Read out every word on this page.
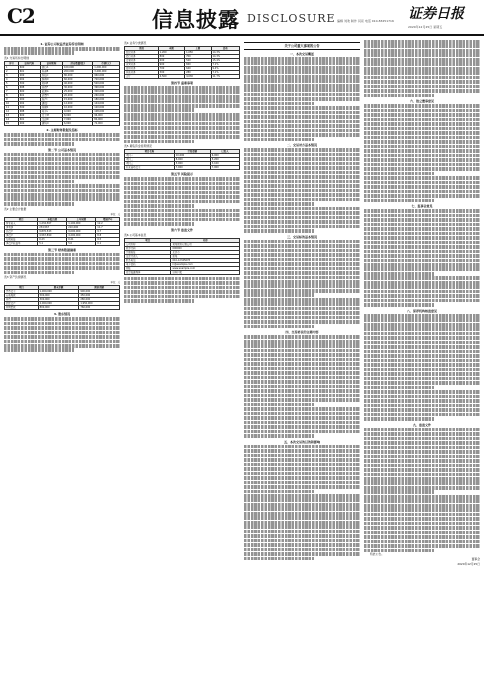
C2	信息披露 DISCLOSURE	证券日报
编辑 刘欢 制作 闫亮 电话 010-83251716
2020年12月25日 星期五
1. 证券公司权益类证券持仓明细
表1 交易所持仓明细
序号	证券代码	证券简称	持仓数量(股)	市值(元)
1	600	银行A	100,000	1,200,000
2	601	券商B	200,000	3,400,000
3	000	科技C	80,000	960,000
4	002	医药D	60,000	720,000
5	300	材料E	40,000	520,000
6	688	制造F	30,000	390,000
7	600	能源G	25,000	300,000
8	601	消费H	20,000	260,000
9	000	地产I	15,000	180,000
10	002	通信J	12,000	144,000
11	300	传媒K	10,000	120,000
12	688	电子L	9,000	108,000
13	600	化工M	8,000	96,000
14	601	交运N	7,000	84,000
15	000	建筑O	6,000	72,000
2. 主要财务数据及指标
第二节 公司基本情况
表2 主要会计数据
单位：元
项目	本报告期	上年同期	增减(%)
营业收入	1,234,567	1,100,000	12.2
净利润	234,567	210,000	11.7
总资产	9,876,543	9,000,000	9.7
净资产	4,567,890	4,200,000	8.8
每股收益	0.23	0.21	9.5
净资产收益率	5.1	5.0	0.1
第三节 财务数据摘要
表3 资产负债情况
单位：元
项目	期末余额	期初余额
货币资金	1,000,000	900,000
应收账款	500,000	450,000
存货	300,000	280,000
固定资产	2,000,000	1,950,000
短期借款	800,000	760,000
3. 股东情况
表4 业务分类情况
类别	本期	上期	变动
经纪业务	1,200	1,050	14.3%
投行业务	800	700	14.3%
资管业务	600	520	15.4%
自营业务	900	840	7.1%
信用业务	700	640	9.4%
其他业务	300	280	7.1%
合计	4,500	4,030	11.7%
第四节 重要事项
表5 募集资金使用情况
项目名称	计划金额	已投入
项目一	10,000	6,000
项目二	8,000	5,200
项目三	5,000	3,100
补充流动资金	7,000	7,000
第五节 风险提示
第六节 备查文件
表6 公司基本信息
项目	内容
公司名称	某某股份有限公司
股票代码	000000
注册地址	北京市
法定代表人	张某
联系电话	010-12345678
电子信箱	ir@example.com
网址	www.example.com
信息披露媒体	证券日报
关于公司重大事项的公告
一、本次交易概述
二、交易对方基本情况
三、交易标的基本情况
四、交易协议的主要内容
五、本次交易的目的和影响
六、独立董事意见
七、监事会意见
八、保荐机构核查意见
九、备查文件
特此公告。
董事会
2020年12月25日
